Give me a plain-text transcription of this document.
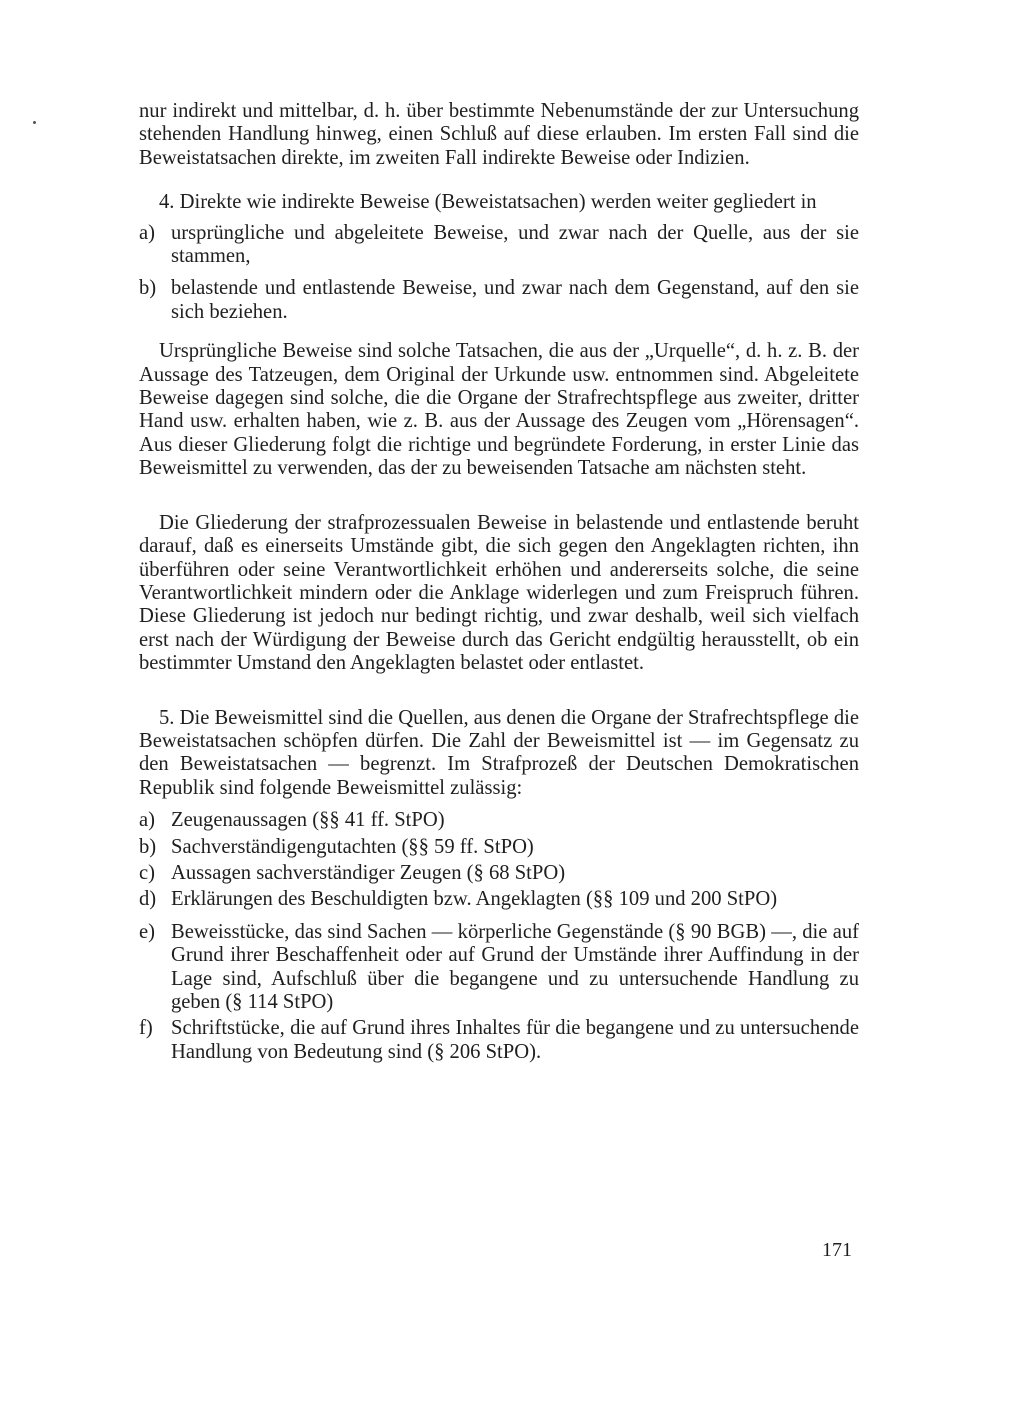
nur indirekt und mittelbar, d. h. über bestimmte Nebenumstände der zur Untersuchung stehenden Handlung hinweg, einen Schluß auf diese erlauben. Im ersten Fall sind die Beweistatsachen direkte, im zweiten Fall indirekte Beweise oder Indizien.

4. Direkte wie indirekte Beweise (Beweistatsachen) werden weiter gegliedert in

a) ursprüngliche und abgeleitete Beweise, und zwar nach der Quelle, aus der sie stammen,
b) belastende und entlastende Beweise, und zwar nach dem Gegenstand, auf den sie sich beziehen.

Ursprüngliche Beweise sind solche Tatsachen, die aus der „Urquelle“, d. h. z. B. der Aussage des Tatzeugen, dem Original der Urkunde usw. entnommen sind. Abgeleitete Beweise dagegen sind solche, die die Organe der Strafrechtspflege aus zweiter, dritter Hand usw. erhalten haben, wie z. B. aus der Aussage des Zeugen vom „Hörensagen“. Aus dieser Gliederung folgt die richtige und begründete Forderung, in erster Linie das Beweismittel zu verwenden, das der zu beweisenden Tatsache am nächsten steht.

Die Gliederung der strafprozessualen Beweise in belastende und entlastende beruht darauf, daß es einerseits Umstände gibt, die sich gegen den Angeklagten richten, ihn überführen oder seine Verantwortlichkeit erhöhen und andererseits solche, die seine Verantwortlichkeit mindern oder die Anklage widerlegen und zum Freispruch führen. Diese Gliederung ist jedoch nur bedingt richtig, und zwar deshalb, weil sich vielfach erst nach der Würdigung der Beweise durch das Gericht endgültig herausstellt, ob ein bestimmter Umstand den Angeklagten belastet oder entlastet.

5. Die Beweismittel sind die Quellen, aus denen die Organe der Strafrechtspflege die Beweistatsachen schöpfen dürfen. Die Zahl der Beweismittel ist — im Gegensatz zu den Beweistatsachen — begrenzt. Im Strafprozeß der Deutschen Demokratischen Republik sind folgende Beweismittel zulässig:

a) Zeugenaussagen (§§ 41 ff. StPO)
b) Sachverständigengutachten (§§ 59 ff. StPO)
c) Aussagen sachverständiger Zeugen (§ 68 StPO)
d) Erklärungen des Beschuldigten bzw. Angeklagten (§§ 109 und 200 StPO)
e) Beweisstücke, das sind Sachen — körperliche Gegenstände (§ 90 BGB) —, die auf Grund ihrer Beschaffenheit oder auf Grund der Umstände ihrer Auffindung in der Lage sind, Aufschluß über die begangene und zu untersuchende Handlung zu geben (§ 114 StPO)
f) Schriftstücke, die auf Grund ihres Inhaltes für die begangene und zu untersuchende Handlung von Bedeutung sind (§ 206 StPO).
171
